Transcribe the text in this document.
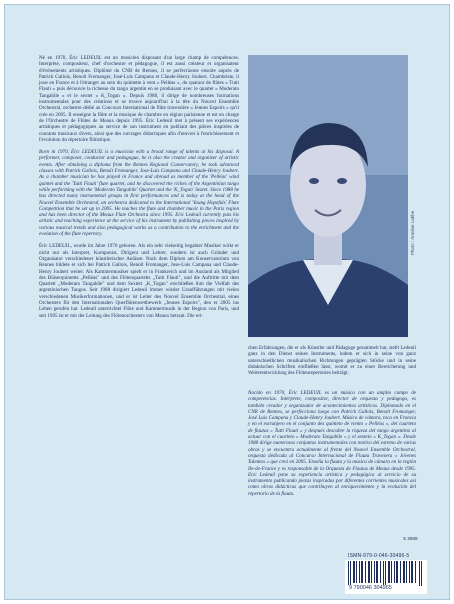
Né en 1970, Éric LEDEUIL est un musicien disposant d'un large champ de compétences. Interprète, compositeur, chef d'orchestre et pédagogue, il est aussi créateur et organisateur d'événements artistiques. Diplômé du CNR de Rennes, il se perfectionne ensuite auprès de Patrick Gallois, Benoît Fromanger, José-Luis Campana et Claude-Henry Joubert. Chambriste, il joue en France et à l'étranger au sein du quintette à vent « Pelléas », du quatuor de flûtes « Tutti Flauti » puis découvre la richesse du tango argentin en se produisant avec le quartet « Moderato Tangabile » et le sextet « K_Togan ». Depuis 1988, il dirige de nombreuses formations instrumentales pour des créations et se trouve aujourd'hui à la tête du Nouvel Ensemble Orchestral, orchestre dédié au Concours International de flûte traversière « Jeunes Espoirs » qu'il crée en 2005. Il enseigne la flûte et la musique de chambre en région parisienne et est en charge de l'Orchestre de Flûtes de Meaux depuis 1995. Éric Ledeuil met à présent ses expériences artistiques et pédagogiques au service de son instrument en publiant des pièces inspirées de courants musicaux divers, ainsi que des ouvrages didactiques afin d'œuvrer à l'enrichissement et l'évolution du répertoire flûtistique.

Born in 1970, Éric LEDEUIL is a musician with a broad range of talents at his disposal. A performer, composer, conductor and pedagogue, he is also the creator and organizer of artistic events. After obtaining a diploma from the Rennes Regional Conservatory, he took advanced classes with Patrick Gallois, Benoît Fromanger, Jose-Luis Campana and Claude-Henry Joubert. As a chamber musician he has played in France and abroad as member of the 'Pelléas' wind quintet and the 'Tutti Flauti' flute quartet, and he discovered the riches of the Argentinian tango while performing with the 'Moderato Tangabile' Quartet and the 'K_Togan' Sextet. Since 1988 he has directed many instrumental groups in first performances and is today at the head of the Nouvel Ensemble Orchestral, an orchestra dedicated to the International 'Young Hopefuls' Flute Competition that he set up in 2005. He teaches the flute and chamber music in the Paris region and has been director of the Meaux Flute Orchestra since 1995. Eric Ledeuil currently puts his artistic and teaching experience at the service of his instrument by publishing pieces inspired by various musical trends and also pedagogical works as a contribution to the enrichment and the evolution of the flute repertory.

Éric LEDEUIL, wurde im Jahre 1970 geboren. Als ein sehr vielseitig begabter Musiker wirkt er nicht nur als Interpret, Komponist, Dirigent und Lehrer, sondern ist auch Gründer und Organisator verschiedener künstlerischer Anlässe. Nach dem Diplom am Konservatorium von Rennes bildete er sich bei Patrick Gallois, Benoît Fromanger, Jose-Luis Campana und Claude-Henry Joubert weiter. Als Kammermusiker spielt er in Frankreich und im Ausland als Mitglied des Bläserquintetts „Pelléas" und des Flötenquartetts „Tutti Flauti", und die Auftritte mit dem Quartett „Moderato Tangabile" und dem Sextett „K_Togan" erschließen ihm die Vielfalt des argentinischen Tangos. Seit 1988 dirigiert Ledeuil immer wieder Uraufführungen mit vielen verschiedenen Musikerformationen, und er ist Leiter des Nouvel Ensemble Orchestral, eines Orchesters für den Internationalen Querflötenwettbewerb „Jeunes Espoirs", den er 2005 ins Leben gerufen hat. Ledeuil unterrichtet Flöte und Kammermusik in der Region von Paris, und seit 1995 ist er mit der Leitung des Flötenorchesters von Meaux betraut. Die rei-

Photo : Antoine Labbe

chen Erfahrungen, die er als Künstler und Pädagoge gesammelt hat, stellt Ledeuil ganz in den Dienst seines Instruments, indem er sich in seine von ganz unterschiedlichen musikalischen Richtungen geprägten Stücke und in seine didaktischen Schriften einfließen lässt, womit er zu einer Bereicherung und Weiterentwicklung des Flötenrepertoires beiträgt.

Nacido en 1970, Éric LEDEUIL es un músico con un amplio campo de competencias. Intérprete, compositor, director de orquesta y pedagogo, es también creador y organizador de acontecimientos artísticos. Diplomado en el CNR de Rennes, se perfecciona luego con Patrick Gallois, Benoît Fromanger, José Luis Campana y Claude-Henry Joubert. Músico de cámara, toca en Francia y en el extranjero en el conjunto des quinteto de viento « Pelléas », del cuarteto de flautas « Tutti Flauti » y después descubre la riqueza del tango argentino al actuar con el cuarteto « Moderato Tangabile » y el sexteto « K_Togan ». Desde 1988 dirige numerosos conjuntos instrumentales con motivo del estreno de varias obras y se encuentra actualmente al frente del Nouvel Ensemble Orchestral, orquesta dedicada al Concurso Internacional de Flauta Travesera « Jóvenes Talentos » que creó en 2005. Enseña la flauta y la música de cámara en la región Ile-de-France y es responsable de la Orquesta de Flautas de Meaux desde 1995. Eric Ledeuil pone su experiencia artística y pedagógica al servicio de su instrumento publicando piezas inspiradas por diferentes corrientes musicales así como obras didácticas que contribuyen al enriquecimiento y la evolución del repertorio de la flauta.

S 2669
ISMN-979-0-046-30496-5
9 790046 304965
